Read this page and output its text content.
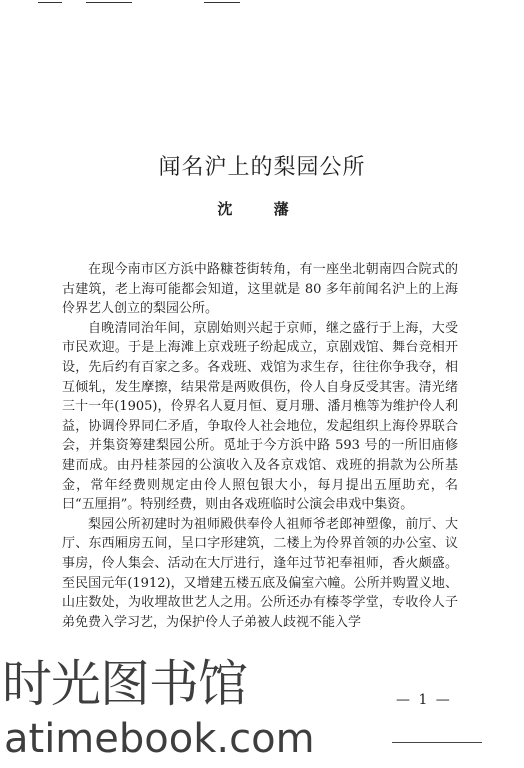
闻名沪上的梨园公所
沈 藩

在现今南市区方浜中路糠苍街转角，有一座坐北朝南四合院式的古建筑，老上海可能都会知道，这里就是 80 多年前闻名沪上的上海伶界艺人创立的梨园公所。

自晚清同治年间，京剧始则兴起于京师，继之盛行于上海，大受市民欢迎。于是上海滩上京戏班子纷起成立，京剧戏馆、舞台竞相开设，先后约有百家之多。各戏班、戏馆为求生存，往往你争我夺，相互倾轧，发生摩擦，结果常是两败俱伤，伶人自身反受其害。清光绪三十一年(1905)，伶界名人夏月恒、夏月珊、潘月樵等为维护伶人利益，协调伶界同仁矛盾，争取伶人社会地位，发起组织上海伶界联合会，并集资筹建梨园公所。觅址于今方浜中路 593 号的一所旧庙修建而成。由丹桂茶园的公演收入及各京戏馆、戏班的捐款为公所基金，常年经费则规定由伶人照包银大小，每月提出五厘助充，名曰“五厘捐”。特别经费，则由各戏班临时公演会串戏中集资。

梨园公所初建时为祖师殿供奉伶人祖师爷老郎神塑像，前厅、大厅、东西厢房五间，呈口字形建筑，二楼上为伶界首领的办公室、议事房，伶人集会、活动在大厅进行，逢年过节祀奉祖师，香火颇盛。至民国元年(1912)，又增建五楼五底及偏室六幢。公所并购置义地、山庄数处，为收埋故世艺人之用。公所还办有榛苓学堂，专收伶人子弟免费入学习艺，为保护伶人子弟被人歧视不能入学

— 1 —
时光图书馆
atimebook.com
